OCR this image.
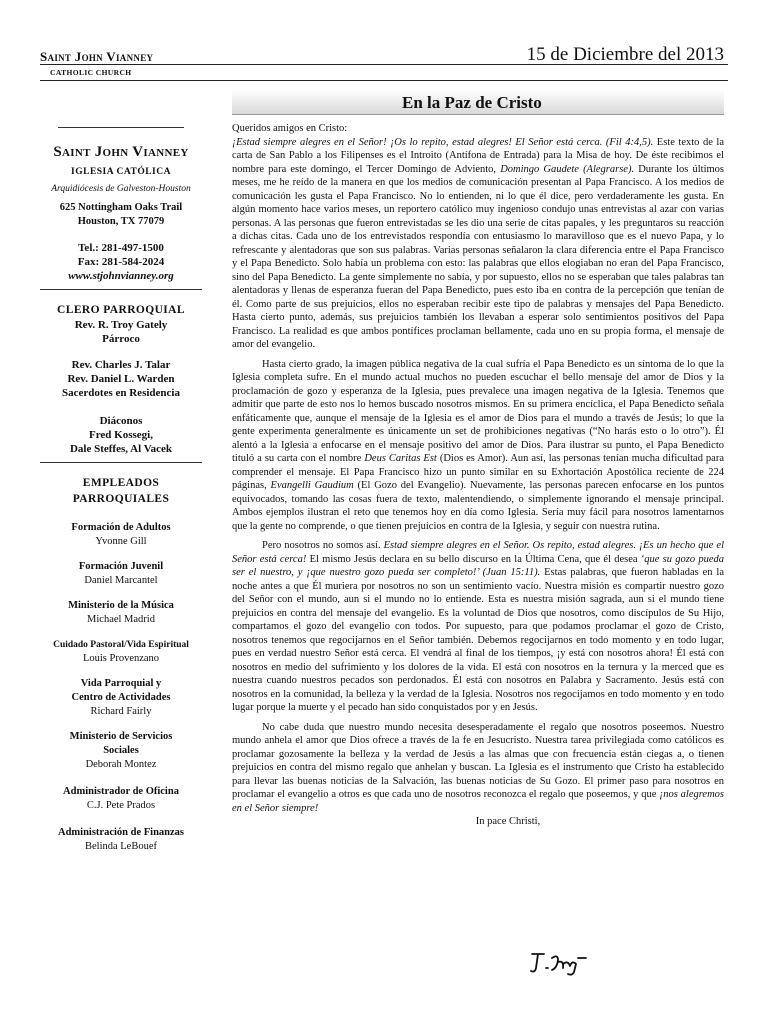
Saint John Vianney
CATHOLIC CHURCH
15 de Diciembre del 2013
En la Paz de Cristo
Saint John Vianney
IGLESIA CATÓLICA
Arquidiócesis de Galveston-Houston
625 Nottingham Oaks Trail
Houston, TX 77079
Tel.: 281-497-1500
Fax: 281-584-2024
www.stjohnvianney.org
CLERO PARROQUIAL
Rev. R. Troy Gately
Párroco
Rev. Charles J. Talar
Rev. Daniel L. Warden
Sacerdotes en Residencia
Diáconos
Fred Kossegi,
Dale Steffes, Al Vacek
EMPLEADOS
PARROQUIALES
Formación de Adultos
Yvonne Gill
Formación Juvenil
Daniel Marcantel
Ministerio de la Música
Michael Madrid
Cuidado Pastoral/Vida Espiritual
Louis Provenzano
Vida Parroquial y
Centro de Actividades
Richard Fairly
Ministerio de Servicios
Sociales
Deborah Montez
Administrador de Oficina
C.J. Pete Prados
Administración de Finanzas
Belinda LeBouef

Queridos amigos en Cristo:

¡Estad siempre alegres en el Señor! ¡Os lo repito, estad alegres! El Señor está cerca. (Fil 4:4,5). Este texto de la carta de San Pablo a los Filipenses es el Introito (Antífona de Entrada) para la Misa de hoy. De éste recibimos el nombre para este domingo, el Tercer Domingo de Adviento, Domingo Gaudete (Alegrarse). Durante los últimos meses, me he reído de la manera en que los medios de comunicación presentan al Papa Francisco. A los medios de comunicación les gusta el Papa Francisco. No lo entienden, ni lo que él dice, pero verdaderamente les gusta. En algún momento hace varios meses, un reportero católico muy ingenioso condujo unas entrevistas al azar con varias personas. A las personas que fueron entrevistadas se les dio una serie de citas papales, y les preguntaros su reacción a dichas citas. Cada uno de los entrevistados respondía con entusiasmo lo maravilloso que es el nuevo Papa, y lo refrescante y alentadoras que son sus palabras. Varias personas señalaron la clara diferencia entre el Papa Francisco y el Papa Benedicto. Solo había un problema con esto: las palabras que ellos elogiaban no eran del Papa Francisco, sino del Papa Benedicto. La gente simplemente no sabía, y por supuesto, ellos no se esperaban que tales palabras tan alentadoras y llenas de esperanza fueran del Papa Benedicto, pues esto iba en contra de la percepción que tenían de él. Como parte de sus prejuicios, ellos no esperaban recibir este tipo de palabras y mensajes del Papa Benedicto. Hasta cierto punto, además, sus prejuicios también los llevaban a esperar solo sentimientos positivos del Papa Francisco. La realidad es que ambos pontífices proclaman bellamente, cada uno en su propia forma, el mensaje de amor del evangelio.

Hasta cierto grado, la imagen pública negativa de la cual sufría el Papa Benedicto es un síntoma de lo que la Iglesia completa sufre. En el mundo actual muchos no pueden escuchar el bello mensaje del amor de Dios y la proclamación de gozo y esperanza de la Iglesia, pues prevalece una imagen negativa de la Iglesia. Tenemos que admitir que parte de esto nos lo hemos buscado nosotros mismos. En su primera encíclica, el Papa Benedicto señala enfáticamente que, aunque el mensaje de la Iglesia es el amor de Dios para el mundo a través de Jesús; lo que la gente experimenta generalmente es únicamente un set de prohibiciones negativas (“No harás esto o lo otro”). Él alentó a la Iglesia a enfocarse en el mensaje positivo del amor de Dios. Para ilustrar su punto, el Papa Benedicto tituló a su carta con el nombre Deus Caritas Est (Dios es Amor). Aun así, las personas tenían mucha dificultad para comprender el mensaje. El Papa Francisco hizo un punto similar en su Exhortación Apostólica reciente de 224 páginas, Evangelli Gaudium (El Gozo del Evangelio). Nuevamente, las personas parecen enfocarse en los puntos equivocados, tomando las cosas fuera de texto, malentendiendo, o simplemente ignorando el mensaje principal. Ambos ejemplos ilustran el reto que tenemos hoy en día como Iglesia. Sería muy fácil para nosotros lamentarnos que la gente no comprende, o que tienen prejuicios en contra de la Iglesia, y seguir con nuestra rutina.

Pero nosotros no somos así. Estad siempre alegres en el Señor. Os repito, estad alegres. ¡Es un hecho que el Señor está cerca! El mismo Jesús declara en su bello discurso en la Última Cena, que él desea ‘que su gozo pueda ser el nuestro, y ¡que nuestro gozo pueda ser completo!’ (Juan 15:11). Estas palabras, que fueron habladas en la noche antes a que Él muriera por nosotros no son un sentimiento vacío. Nuestra misión es compartir nuestro gozo del Señor con el mundo, aun si el mundo no lo entiende. Esta es nuestra misión sagrada, aun si el mundo tiene prejuicios en contra del mensaje del evangelio. Es la voluntad de Dios que nosotros, como discípulos de Su Hijo, compartamos el gozo del evangelio con todos. Por supuesto, para que podamos proclamar el gozo de Cristo, nosotros tenemos que regocijarnos en el Señor también. Debemos regocijarnos en todo momento y en todo lugar, pues en verdad nuestro Señor está cerca. El vendrá al final de los tiempos, ¡y está con nosotros ahora! Él está con nosotros en medio del sufrimiento y los dolores de la vida. El está con nosotros en la ternura y la merced que es nuestra cuando nuestros pecados son perdonados. Él está con nosotros en Palabra y Sacramento. Jesús está con nosotros en la comunidad, la belleza y la verdad de la Iglesia. Nosotros nos regocijamos en todo momento y en todo lugar porque la muerte y el pecado han sido conquistados por y en Jesús.

No cabe duda que nuestro mundo necesita desesperadamente el regalo que nosotros poseemos. Nuestro mundo anhela el amor que Dios ofrece a través de la fe en Jesucristo. Nuestra tarea privilegiada como católicos es proclamar gozosamente la belleza y la verdad de Jesús a las almas que con frecuencia están ciegas a, o tienen prejuicios en contra del mismo regalo que anhelan y buscan. La Iglesia es el instrumento que Cristo ha establecido para llevar las buenas noticias de la Salvación, las buenas noticias de Su Gozo. El primer paso para nosotros en proclamar el evangelio a otros es que cada uno de nosotros reconozca el regalo que poseemos, y que ¡nos alegremos en el Señor siempre!

In pace Christi,
